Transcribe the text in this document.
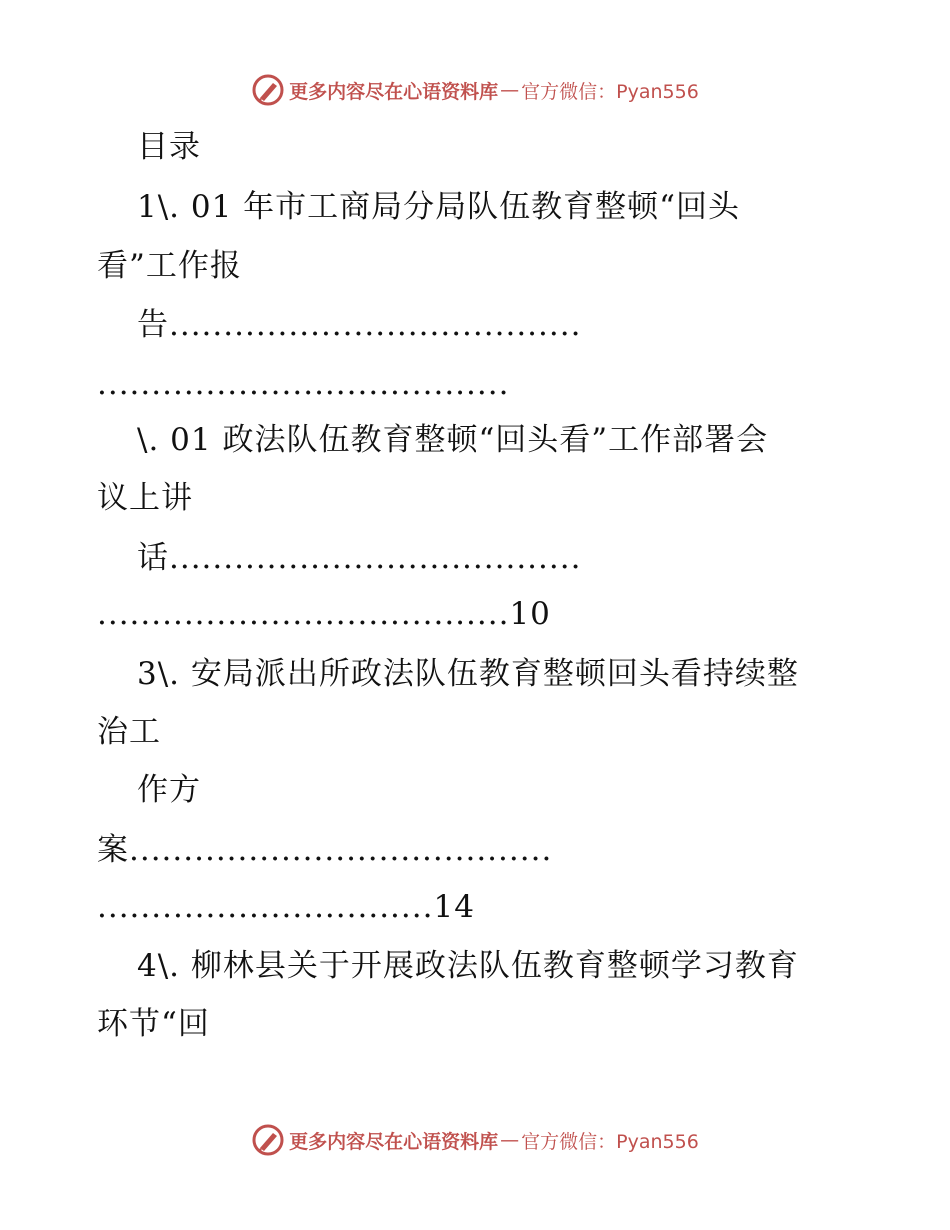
更多内容尽在心语资料库 — 官方微信：Pyan556
目录
1\. 01 年市工商局分局队伍教育整顿“回头
看”工作报
告......................................
......................................
\. 01 政法队伍教育整顿“回头看”工作部署会
议上讲
话......................................
......................................10
3\. 安局派出所政法队伍教育整顿回头看持续整
治工
作方
案.......................................
...............................14
4\. 柳林县关于开展政法队伍教育整顿学习教育
环节“回
更多内容尽在心语资料库 — 官方微信：Pyan556
